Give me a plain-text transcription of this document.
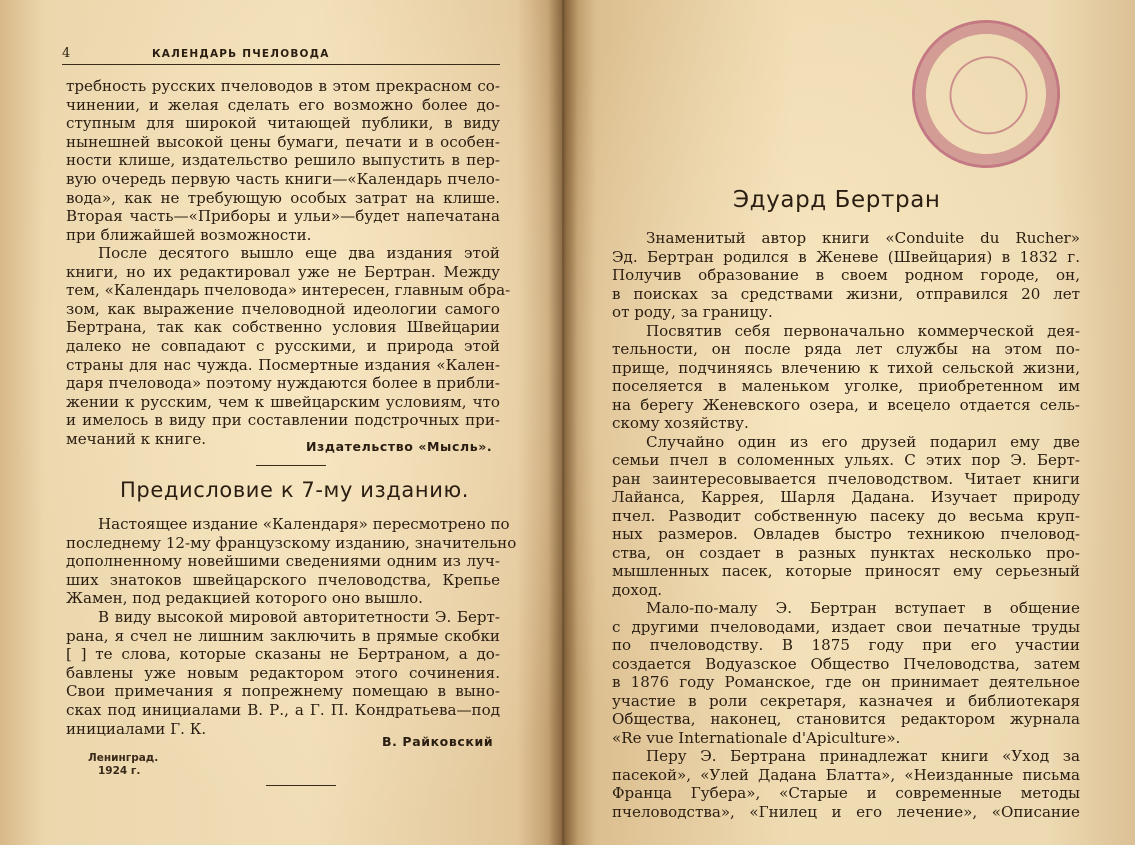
4	КАЛЕНДАРЬ ПЧЕЛОВОДА
требность русских пчеловодов в этом прекрасном со-
чинении, и желая сделать его возможно более до-
ступным для широкой читающей публики, в виду
нынешней высокой цены бумаги, печати и в особен-
ности клише, издательство решило выпустить в пер-
вую очередь первую часть книги—«Календарь пчело-
вода», как не требующую особых затрат на клише.
Вторая часть—«Приборы и ульи»—будет напечатана
при ближайшей возможности.
После десятого вышло еще два издания этой
книги, но их редактировал уже не Бертран. Между
тем, «Календарь пчеловода» интересен, главным обра-
зом, как выражение пчеловодной идеологии самого
Бертрана, так как собственно условия Швейцарии
далеко не совпадают с русскими, и природа этой
страны для нас чужда. Посмертные издания «Кален-
даря пчеловода» поэтому нуждаются более в прибли-
жении к русским, чем к швейцарским условиям, что
и имелось в виду при составлении подстрочных при-
мечаний к книге.	Издательство «Мысль».
Предисловие к 7-му изданию.
Настоящее издание «Календаря» пересмотрено по
последнему 12-му французскому изданию, значительно
дополненному новейшими сведениями одним из луч-
ших знатоков швейцарского пчеловодства, Крепье
Жамен, под редакцией которого оно вышло.
В виду высокой мировой авторитетности Э. Берт-
рана, я счел не лишним заключить в прямые скобки
[ ] те слова, которые сказаны не Бертраном, а до-
бавлены уже новым редактором этого сочинения.
Свои примечания я попрежнему помещаю в выно-
сках под инициалами В. Р., а Г. П. Кондратьева—под
инициалами Г. К.
В. Райковский
Ленинград.
1924 г.
Эдуард Бертран
Знаменитый автор книги «Conduite du Rucher»
Эд. Бертран родился в Женеве (Швейцария) в 1832 г.
Получив образование в своем родном городе, он,
в поисках за средствами жизни, отправился 20 лет
от роду, за границу.
Посвятив себя первоначально коммерческой дея-
тельности, он после ряда лет службы на этом по-
прище, подчиняясь влечению к тихой сельской жизни,
поселяется в маленьком уголке, приобретенном им
на берегу Женевского озера, и всецело отдается сель-
скому хозяйству.
Случайно один из его друзей подарил ему две
семьи пчел в соломенных ульях. С этих пор Э. Берт-
ран заинтересовывается пчеловодством. Читает книги
Лайанса, Каррея, Шарля Дадана. Изучает природу
пчел. Разводит собственную пасеку до весьма круп-
ных размеров. Овладев быстро техникою пчеловод-
ства, он создает в разных пунктах несколько про-
мышленных пасек, которые приносят ему серьезный
доход.
Мало-по-малу Э. Бертран вступает в общение
с другими пчеловодами, издает свои печатные труды
по пчеловодству. В 1875 году при его участии
создается Водуазское Общество Пчеловодства, затем
в 1876 году Романское, где он принимает деятельное
участие в роли секретаря, казначея и библиотекаря
Общества, наконец, становится редактором журнала
«Re vue Internationale d'Apiculture».
Перу Э. Бертрана принадлежат книги «Уход за
пасекой», «Улей Дадана Блатта», «Неизданные письма
Франца Губера», «Старые и современные методы
пчеловодства», «Гнилец и его лечение», «Описание
